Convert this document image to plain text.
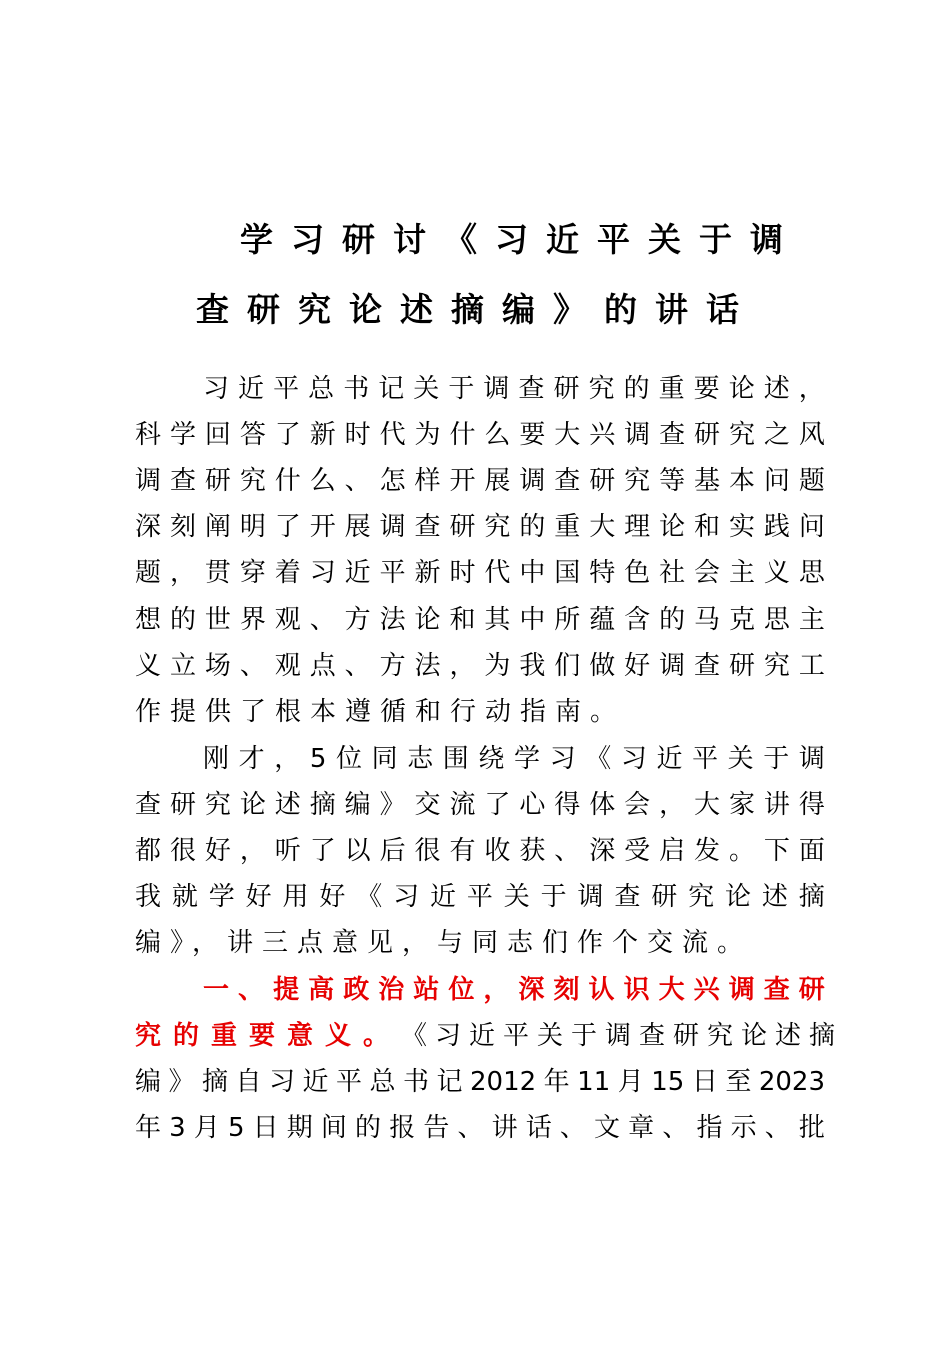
学习研讨《习近平关于调
查研究论述摘编》的讲话
习 近 平 总 书 记 关 于 调 查 研 究 的 重 要 论 述 ，
科 学 回 答 了 新 时 代 为 什 么 要 大 兴 调 查 研 究 之 风
调 查 研 究 什 么 、 怎 样 开 展 调 查 研 究 等 基 本 问 题
深 刻 阐 明 了 开 展 调 查 研 究 的 重 大 理 论 和 实 践 问
题 ， 贯 穿 着 习 近 平 新 时 代 中 国 特 色 社 会 主 义 思
想 的 世 界 观 、 方 法 论 和 其 中 所 蕴 含 的 马 克 思 主
义 立 场 、 观 点 、 方 法 ， 为 我 们 做 好 调 查 研 究 工
作提供了根本遵循和行动指南。
刚 才 ， 5 位 同 志 围 绕 学 习 《 习 近 平 关 于 调
查 研 究 论 述 摘 编 》 交 流 了 心 得 体 会 ， 大 家 讲 得
都 很 好 ， 听 了 以 后 很 有 收 获 、 深 受 启 发 。 下 面
我 就 学 好 用 好 《 习 近 平 关 于 调 查 研 究 论 述 摘
编》，讲三点意见，与同志们作个交流。
一 、 提 高 政 治 站 位 ， 深 刻 认 识 大 兴 调 查 研
究的重要意义。 《习近平关于调查研究论述摘
编 》 摘 自 习 近 平 总 书 记 2012 年 11 月 15 日 至 2023
年 3 月 5 日 期 间 的 报 告 、 讲 话 、 文 章 、 指 示 、 批
